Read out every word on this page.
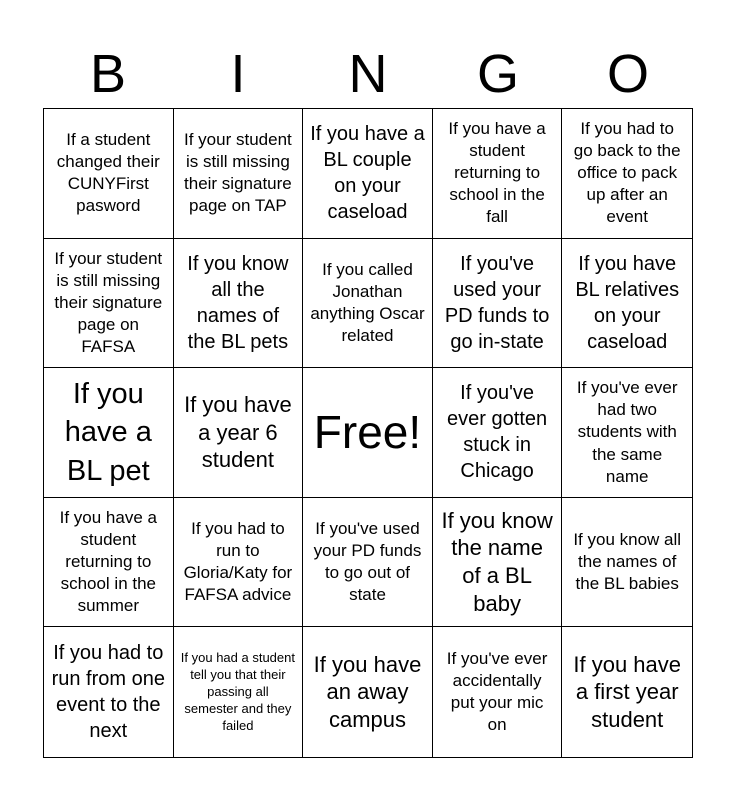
B	I	N	G	O
If a student changed their CUNYFirst pasword
If your student is still missing their signature page on TAP
If you have a BL couple on your caseload
If you have a student returning to school in the fall
If you had to go back to the office to pack up after an event
If your student is still missing their signature page on FAFSA
If you know all the names of the BL pets
If you called Jonathan anything Oscar related
If you've used your PD funds to go in-state
If you have BL relatives on your caseload
If you have a BL pet
If you have a year 6 student
Free!
If you've ever gotten stuck in Chicago
If you've ever had two students with the same name
If you have a student returning to school in the summer
If you had to run to Gloria/Katy for FAFSA advice
If you've used your PD funds to go out of state
If you know the name of a BL baby
If you know all the names of the BL babies
If you had to run from one event to the next
If you had a student tell you that their passing all semester and they failed
If you have an away campus
If you've ever accidentally put your mic on
If you have a first year student
